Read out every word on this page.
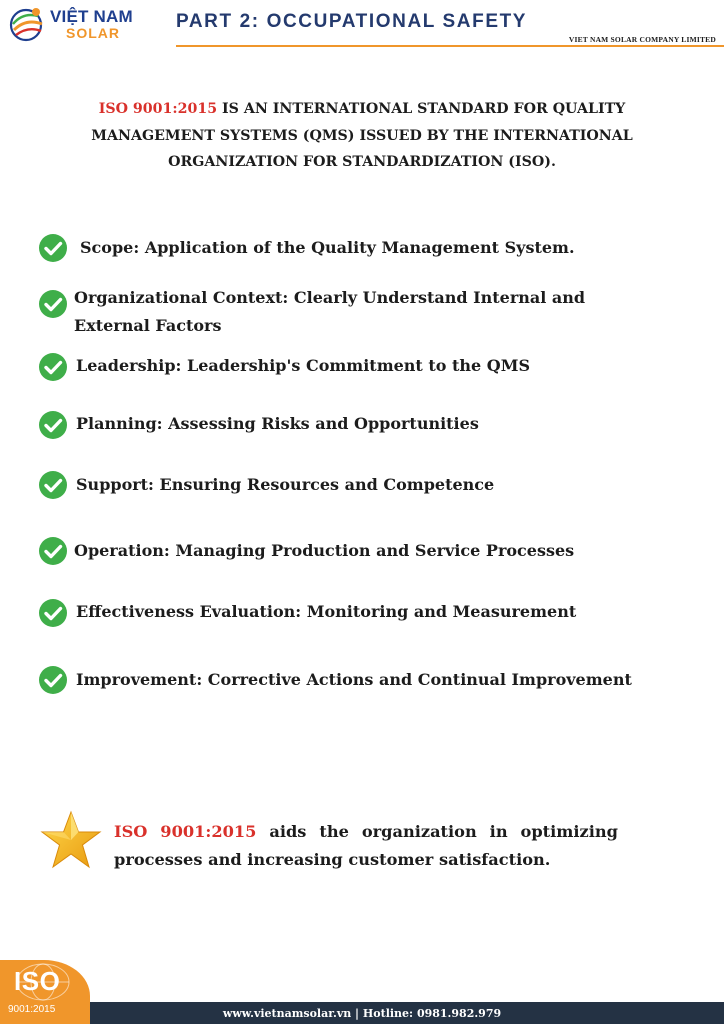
VIỆT NAM
SOLAR
PART 2: OCCUPATIONAL SAFETY
VIET NAM SOLAR COMPANY LIMITED
ISO 9001:2015 IS AN INTERNATIONAL STANDARD FOR QUALITY MANAGEMENT SYSTEMS (QMS) ISSUED BY THE INTERNATIONAL ORGANIZATION FOR STANDARDIZATION (ISO).
Scope: Application of the Quality Management System.
Organizational Context: Clearly Understand Internal and External Factors
Leadership: Leadership's Commitment to the QMS
Planning: Assessing Risks and Opportunities
Support: Ensuring Resources and Competence
Operation: Managing Production and Service Processes
Effectiveness Evaluation: Monitoring and Measurement
Improvement: Corrective Actions and Continual Improvement
ISO 9001:2015 aids the organization in optimizing processes and increasing customer satisfaction.
www.vietnamsolar.vn | Hotline: 0981.982.979
ISO
9001:2015
